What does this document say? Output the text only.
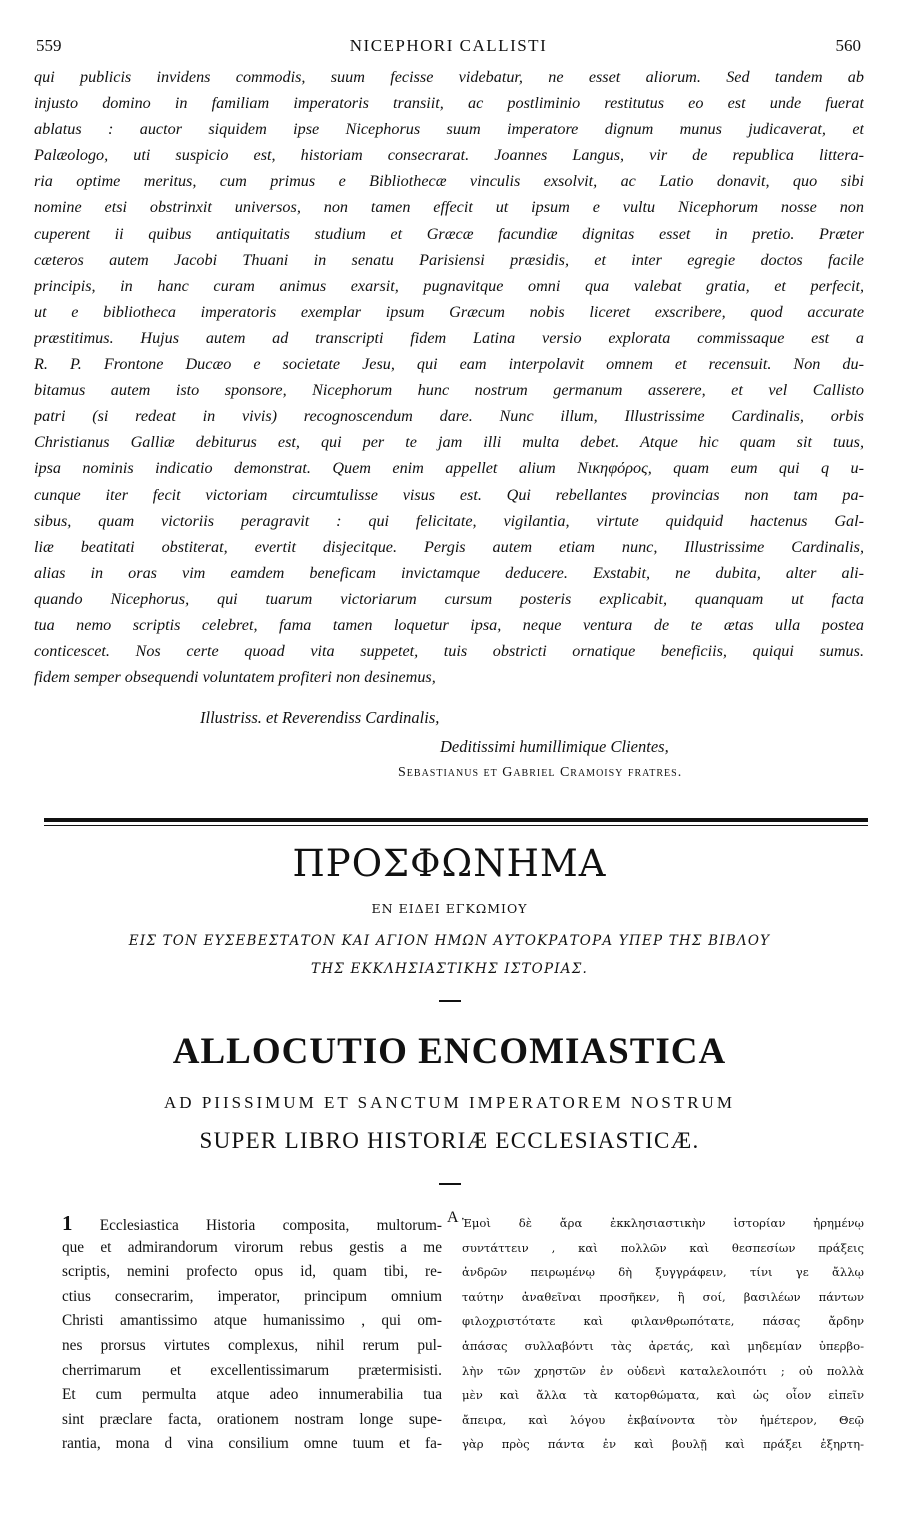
559	NICEPHORI CALLISTI	560
qui publicis invidens commodis, suum fecisse videbatur, ne esset aliorum. Sed tandem ab
injusto domino in familiam imperatoris transiit, ac postliminio restitutus eo est unde fuerat
ablatus : auctor siquidem ipse Nicephorus suum imperatore dignum munus judicaverat, et
Palæologo, uti suspicio est, historiam consecrarat. Joannes Langus, vir de republica littera-
ria optime meritus, cum primus e Bibliothecæ vinculis exsolvit, ac Latio donavit, quo sibi
nomine etsi obstrinxit universos, non tamen effecit ut ipsum e vultu Nicephorum nosse non
cuperent ii quibus antiquitatis studium et Græcæ facundiæ dignitas esset in pretio. Præter
cæteros autem Jacobi Thuani in senatu Parisiensi præsidis, et inter egregie doctos facile
principis, in hanc curam animus exarsit, pugnavitque omni qua valebat gratia, et perfecit,
ut e bibliotheca imperatoris exemplar ipsum Græcum nobis liceret exscribere, quod accurate
præstitimus. Hujus autem ad transcripti fidem Latina versio explorata commissaque est a
R. P. Frontone Ducæo e societate Jesu, qui eam interpolavit omnem et recensuit. Non du-
bitamus autem isto sponsore, Nicephorum hunc nostrum germanum asserere, et vel Callisto
patri (si redeat in vivis) recognoscendum dare. Nunc illum, Illustrissime Cardinalis, orbis
Christianus Galliæ debiturus est, qui per te jam illi multa debet. Atque hic quam sit tuus,
ipsa nominis indicatio demonstrat. Quem enim appellet alium Νικηφόρος, quam eum qui q u-
cunque iter fecit victoriam circumtulisse visus est. Qui rebellantes provincias non tam pa-
sibus, quam victoriis peragravit : qui felicitate, vigilantia, virtute quidquid hactenus Gal-
liæ beatitati obstiterat, evertit disjecitque. Pergis autem etiam nunc, Illustrissime Cardinalis,
alias in oras vim eamdem beneficam invictamque deducere. Exstabit, ne dubita, alter ali-
quando Nicephorus, qui tuarum victoriarum cursum posteris explicabit, quanquam ut facta
tua nemo scriptis celebret, fama tamen loquetur ipsa, neque ventura de te ætas ulla postea
conticescet. Nos certe quoad vita suppetet, tuis obstricti ornatique beneficiis, quiqui sumus.
fidem semper obsequendi voluntatem profiteri non desinemus,
Illustriss. et Reverendiss Cardinalis,
Deditissimi humillimique Clientes,
Sebastianus et Gabriel Cramoisy fratres.
ΠΡΟΣΦΩΝΗΜΑ
ΕΝ ΕΙΔΕΙ ΕΓΚΩΜΙΟΥ
ΕΙΣ ΤΟΝ ΕΥΣΕΒΕΣΤΑΤΟΝ ΚΑΙ ΑΓΙΟΝ ΗΜΩΝ ΑΥΤΟΚΡΑΤΟΡΑ ΥΠΕΡ ΤΗΣ ΒΙΒΛΟΥ
ΤΗΣ ΕΚΚΛΗΣΙΑΣΤΙΚΗΣ ΙΣΤΟΡΙΑΣ.
ALLOCUTIO ENCOMIASTICA
AD PIISSIMUM ET SANCTUM IMPERATOREM NOSTRUM
SUPER LIBRO HISTORIÆ ECCLESIASTICÆ.
1 Ecclesiastica Historia composita, multorum-
que et admirandorum virorum rebus gestis a me
scriptis, nemini profecto opus id, quam tibi, re-
ctius consecrarim, imperator, principum omnium
Christi amantissimo atque humanissimo , qui om-
nes prorsus virtutes complexus, nihil rerum pul-
cherrimarum et excellentissimarum prætermisisti.
Et cum permulta atque adeo innumerabilia tua
sint præclare facta, orationem nostram longe supe-
rantia, mona d vina consilium omne tuum et fa-
A Ἐμοὶ δὲ ἄρα ἐκκλησιαστικὴν ἱστορίαν ἠρημένῳ
συντάττειν , καὶ πολλῶν καὶ θεσπεσίων πράξεις
ἀνδρῶν πειρωμένῳ δὴ ξυγγράφειν, τίνι γε ἄλλῳ
ταύτην ἀναθεῖναι προσῆκεν, ἢ σοί, βασιλέων πάντων
φιλοχριστότατε καὶ φιλανθρωπότατε, πάσας ἄρδην
ἁπάσας συλλαβόντι τὰς ἀρετάς, καὶ μηδεμίαν ὑπερβο-
λὴν τῶν χρηστῶν ἐν οὐδενὶ καταλελοιπότι ; οὐ πολλὰ
μὲν καὶ ἄλλα τὰ κατορθώματα, καὶ ὡς οἷον εἰπεῖν
ἄπειρα, καὶ λόγου ἐκβαίνοντα τὸν ἡμέτερον, Θεῷ
γὰρ πρὸς πάντα ἐν καὶ βουλῇ καὶ πράξει ἐξηρτη-
